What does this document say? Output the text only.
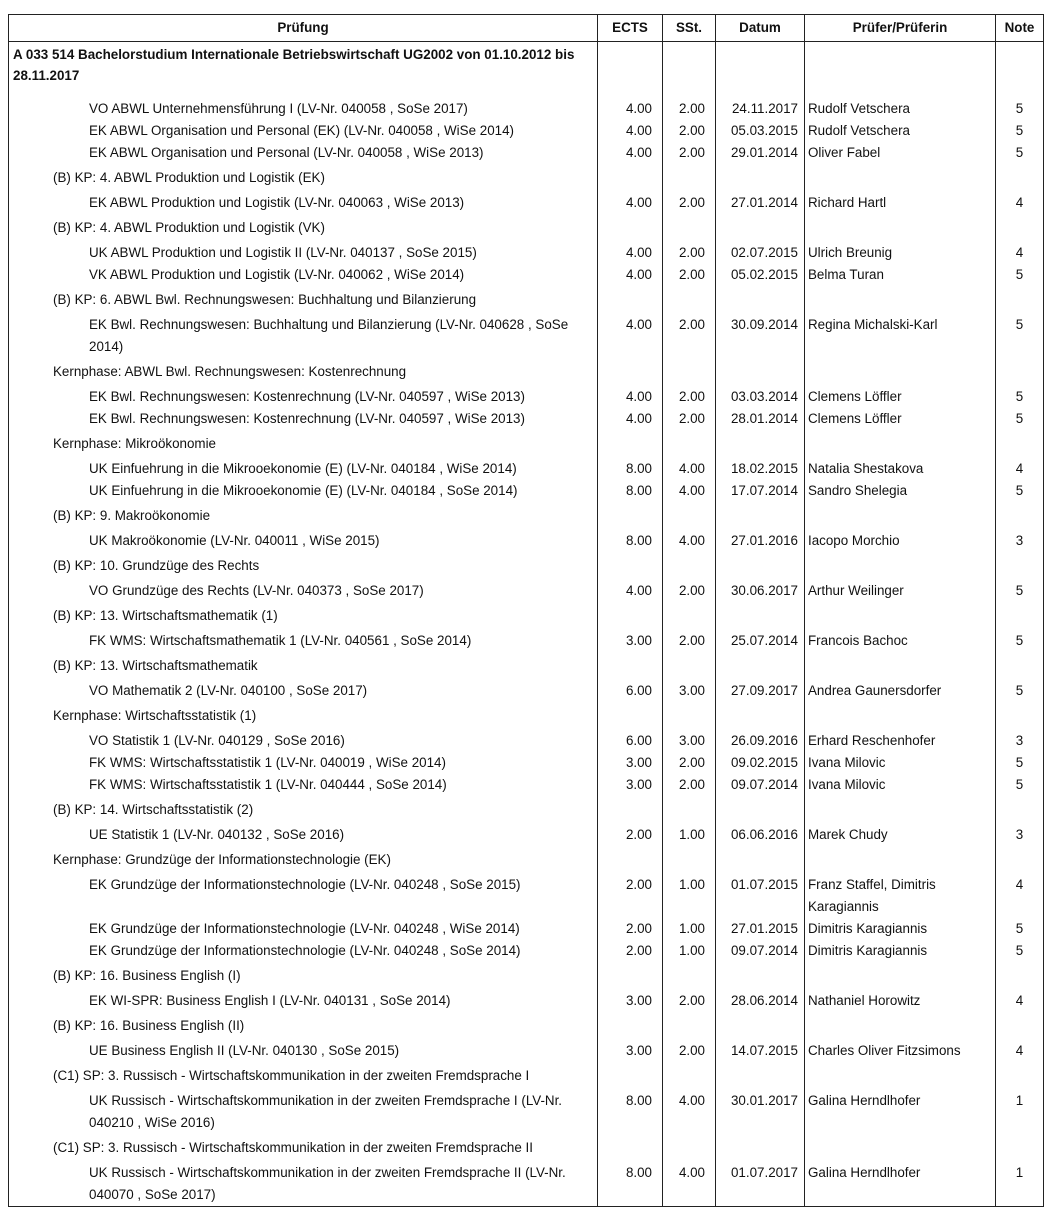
Prüfung	ECTS	SSt.	Datum	Prüfer/Prüferin	Note
A 033 514 Bachelorstudium Internationale Betriebswirtschaft UG2002 von 01.10.2012 bis 28.11.2017					
VO ABWL Unternehmensführung I (LV-Nr. 040058 , SoSe 2017)	4.00	2.00	24.11.2017	Rudolf Vetschera	5
EK ABWL Organisation und Personal (EK) (LV-Nr. 040058 , WiSe 2014)	4.00	2.00	05.03.2015	Rudolf Vetschera	5
EK ABWL Organisation und Personal (LV-Nr. 040058 , WiSe 2013)	4.00	2.00	29.01.2014	Oliver Fabel	5
(B) KP: 4. ABWL Produktion und Logistik (EK)					
EK ABWL Produktion und Logistik (LV-Nr. 040063 , WiSe 2013)	4.00	2.00	27.01.2014	Richard Hartl	4
(B) KP: 4. ABWL Produktion und Logistik (VK)					
UK ABWL Produktion und Logistik II (LV-Nr. 040137 , SoSe 2015)	4.00	2.00	02.07.2015	Ulrich Breunig	4
VK ABWL Produktion und Logistik (LV-Nr. 040062 , WiSe 2014)	4.00	2.00	05.02.2015	Belma Turan	5
(B) KP: 6. ABWL Bwl. Rechnungswesen: Buchhaltung und Bilanzierung					
EK Bwl. Rechnungswesen: Buchhaltung und Bilanzierung (LV-Nr. 040628 , SoSe 2014)	4.00	2.00	30.09.2014	Regina Michalski-Karl	5
Kernphase: ABWL Bwl. Rechnungswesen: Kostenrechnung					
EK Bwl. Rechnungswesen: Kostenrechnung (LV-Nr. 040597 , WiSe 2013)	4.00	2.00	03.03.2014	Clemens Löffler	5
EK Bwl. Rechnungswesen: Kostenrechnung (LV-Nr. 040597 , WiSe 2013)	4.00	2.00	28.01.2014	Clemens Löffler	5
Kernphase: Mikroökonomie					
UK Einfuehrung in die Mikrooekonomie (E) (LV-Nr. 040184 , WiSe 2014)	8.00	4.00	18.02.2015	Natalia Shestakova	4
UK Einfuehrung in die Mikrooekonomie (E) (LV-Nr. 040184 , SoSe 2014)	8.00	4.00	17.07.2014	Sandro Shelegia	5
(B) KP: 9. Makroökonomie					
UK Makroökonomie (LV-Nr. 040011 , WiSe 2015)	8.00	4.00	27.01.2016	Iacopo Morchio	3
(B) KP: 10. Grundzüge des Rechts					
VO Grundzüge des Rechts (LV-Nr. 040373 , SoSe 2017)	4.00	2.00	30.06.2017	Arthur Weilinger	5
(B) KP: 13. Wirtschaftsmathematik (1)					
FK WMS: Wirtschaftsmathematik 1 (LV-Nr. 040561 , SoSe 2014)	3.00	2.00	25.07.2014	Francois Bachoc	5
(B) KP: 13. Wirtschaftsmathematik					
VO Mathematik 2 (LV-Nr. 040100 , SoSe 2017)	6.00	3.00	27.09.2017	Andrea Gaunersdorfer	5
Kernphase: Wirtschaftsstatistik (1)					
VO Statistik 1 (LV-Nr. 040129 , SoSe 2016)	6.00	3.00	26.09.2016	Erhard Reschenhofer	3
FK WMS: Wirtschaftsstatistik 1 (LV-Nr. 040019 , WiSe 2014)	3.00	2.00	09.02.2015	Ivana Milovic	5
FK WMS: Wirtschaftsstatistik 1 (LV-Nr. 040444 , SoSe 2014)	3.00	2.00	09.07.2014	Ivana Milovic	5
(B) KP: 14. Wirtschaftsstatistik (2)					
UE Statistik 1 (LV-Nr. 040132 , SoSe 2016)	2.00	1.00	06.06.2016	Marek Chudy	3
Kernphase: Grundzüge der Informationstechnologie (EK)					
EK Grundzüge der Informationstechnologie (LV-Nr. 040248 , SoSe 2015)	2.00	1.00	01.07.2015	Franz Staffel, Dimitris Karagiannis	4
EK Grundzüge der Informationstechnologie (LV-Nr. 040248 , WiSe 2014)	2.00	1.00	27.01.2015	Dimitris Karagiannis	5
EK Grundzüge der Informationstechnologie (LV-Nr. 040248 , SoSe 2014)	2.00	1.00	09.07.2014	Dimitris Karagiannis	5
(B) KP: 16. Business English (I)					
EK WI-SPR: Business English I (LV-Nr. 040131 , SoSe 2014)	3.00	2.00	28.06.2014	Nathaniel Horowitz	4
(B) KP: 16. Business English (II)					
UE Business English II (LV-Nr. 040130 , SoSe 2015)	3.00	2.00	14.07.2015	Charles Oliver Fitzsimons	4
(C1) SP: 3. Russisch - Wirtschaftskommunikation in der zweiten Fremdsprache I					
UK Russisch - Wirtschaftskommunikation in der zweiten Fremdsprache I (LV-Nr. 040210 , WiSe 2016)	8.00	4.00	30.01.2017	Galina Herndlhofer	1
(C1) SP: 3. Russisch - Wirtschaftskommunikation in der zweiten Fremdsprache II					
UK Russisch - Wirtschaftskommunikation in der zweiten Fremdsprache II (LV-Nr. 040070 , SoSe 2017)	8.00	4.00	01.07.2017	Galina Herndlhofer	1
